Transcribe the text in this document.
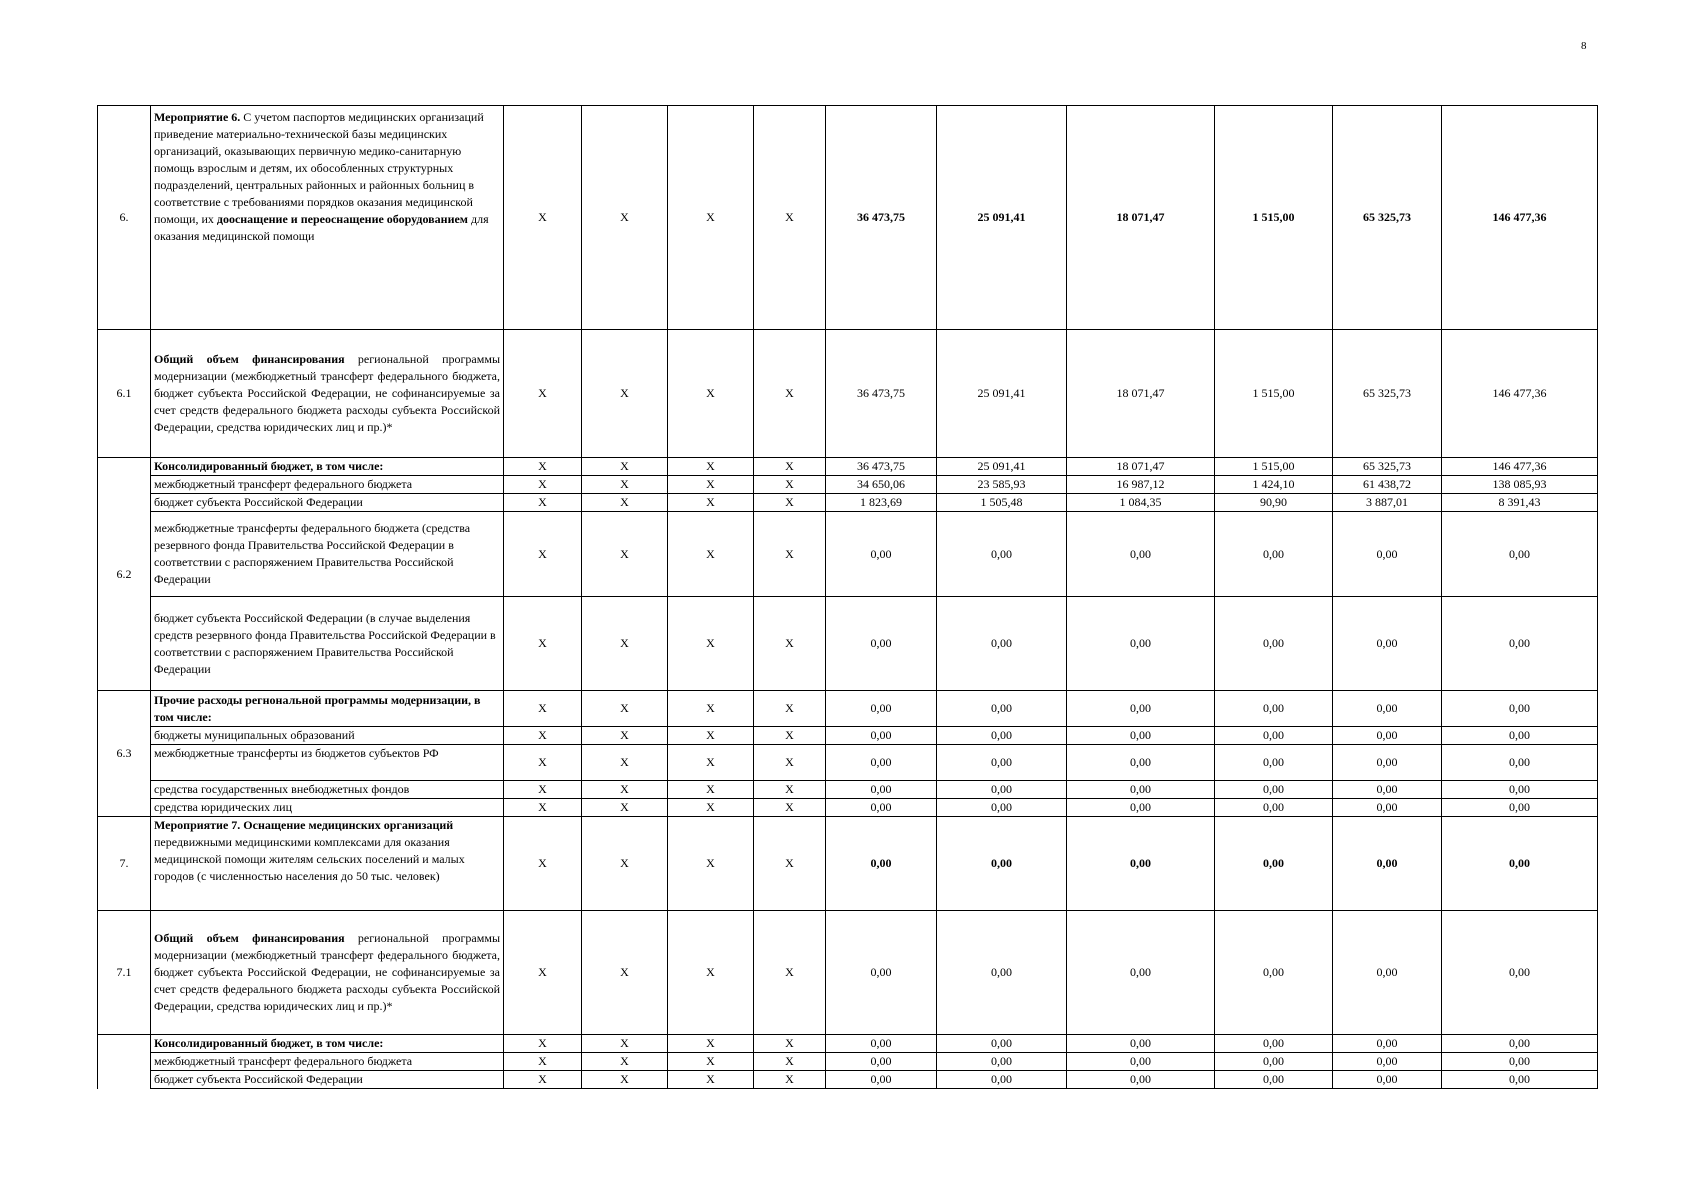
8
6.	Мероприятие 6. С учетом паспортов медицинских организаций приведение материально-технической базы медицинских организаций, оказывающих первичную медико-санитарную помощь взрослым и детям, их обособленных структурных подразделений, центральных районных и районных больниц в соответствие с требованиями порядков оказания медицинской помощи, их дооснащение и переоснащение оборудованием для оказания медицинской помощи	X	X	X	X	36 473,75	25 091,41	18 071,47	1 515,00	65 325,73	146 477,36
6.1	Общий объем финансирования региональной программы модернизации (межбюджетный трансферт федерального бюджета, бюджет субъекта Российской Федерации, не софинансируемые за счет средств федерального бюджета расходы субъекта Российской Федерации, средства юридических лиц и пр.)*	X	X	X	X	36 473,75	25 091,41	18 071,47	1 515,00	65 325,73	146 477,36
6.2	Консолидированный бюджет, в том числе:	X	X	X	X	36 473,75	25 091,41	18 071,47	1 515,00	65 325,73	146 477,36
	межбюджетный трансферт федерального бюджета	X	X	X	X	34 650,06	23 585,93	16 987,12	1 424,10	61 438,72	138 085,93
	бюджет субъекта Российской Федерации	X	X	X	X	1 823,69	1 505,48	1 084,35	90,90	3 887,01	8 391,43
	межбюджетные трансферты федерального бюджета (средства резервного фонда Правительства Российской Федерации в соответствии с распоряжением Правительства Российской Федерации	X	X	X	X	0,00	0,00	0,00	0,00	0,00	0,00
	бюджет субъекта Российской Федерации (в случае выделения средств резервного фонда Правительства Российской Федерации в соответствии с распоряжением Правительства Российской Федерации	X	X	X	X	0,00	0,00	0,00	0,00	0,00	0,00
6.3	Прочие расходы регнональной программы модернизации, в том числе:	X	X	X	X	0,00	0,00	0,00	0,00	0,00	0,00
	бюджеты муниципальных образований	X	X	X	X	0,00	0,00	0,00	0,00	0,00	0,00
	межбюджетные трансферты из бюджетов субъектов РФ	X	X	X	X	0,00	0,00	0,00	0,00	0,00	0,00
	средства государственных внебюджетных фондов	X	X	X	X	0,00	0,00	0,00	0,00	0,00	0,00
	средства юридических лиц	X	X	X	X	0,00	0,00	0,00	0,00	0,00	0,00
7.	Мероприятие 7. Оснащение медицинских организаций передвижными медицинскими комплексами для оказания медицинской помощи жителям сельских поселений и малых городов (с численностью населения до 50 тыс. человек)	X	X	X	X	0,00	0,00	0,00	0,00	0,00	0,00
7.1	Общий объем финансирования региональной программы модернизации (межбюджетный трансферт федерального бюджета, бюджет субъекта Российской Федерации, не софинансируемые за счет средств федерального бюджета расходы субъекта Российской Федерации, средства юридических лиц и пр.)*	X	X	X	X	0,00	0,00	0,00	0,00	0,00	0,00
	Консолидированный бюджет, в том числе:	X	X	X	X	0,00	0,00	0,00	0,00	0,00	0,00
	межбюджетный трансферт федерального бюджета	X	X	X	X	0,00	0,00	0,00	0,00	0,00	0,00
	бюджет субъекта Российской Федерации	X	X	X	X	0,00	0,00	0,00	0,00	0,00	0,00
